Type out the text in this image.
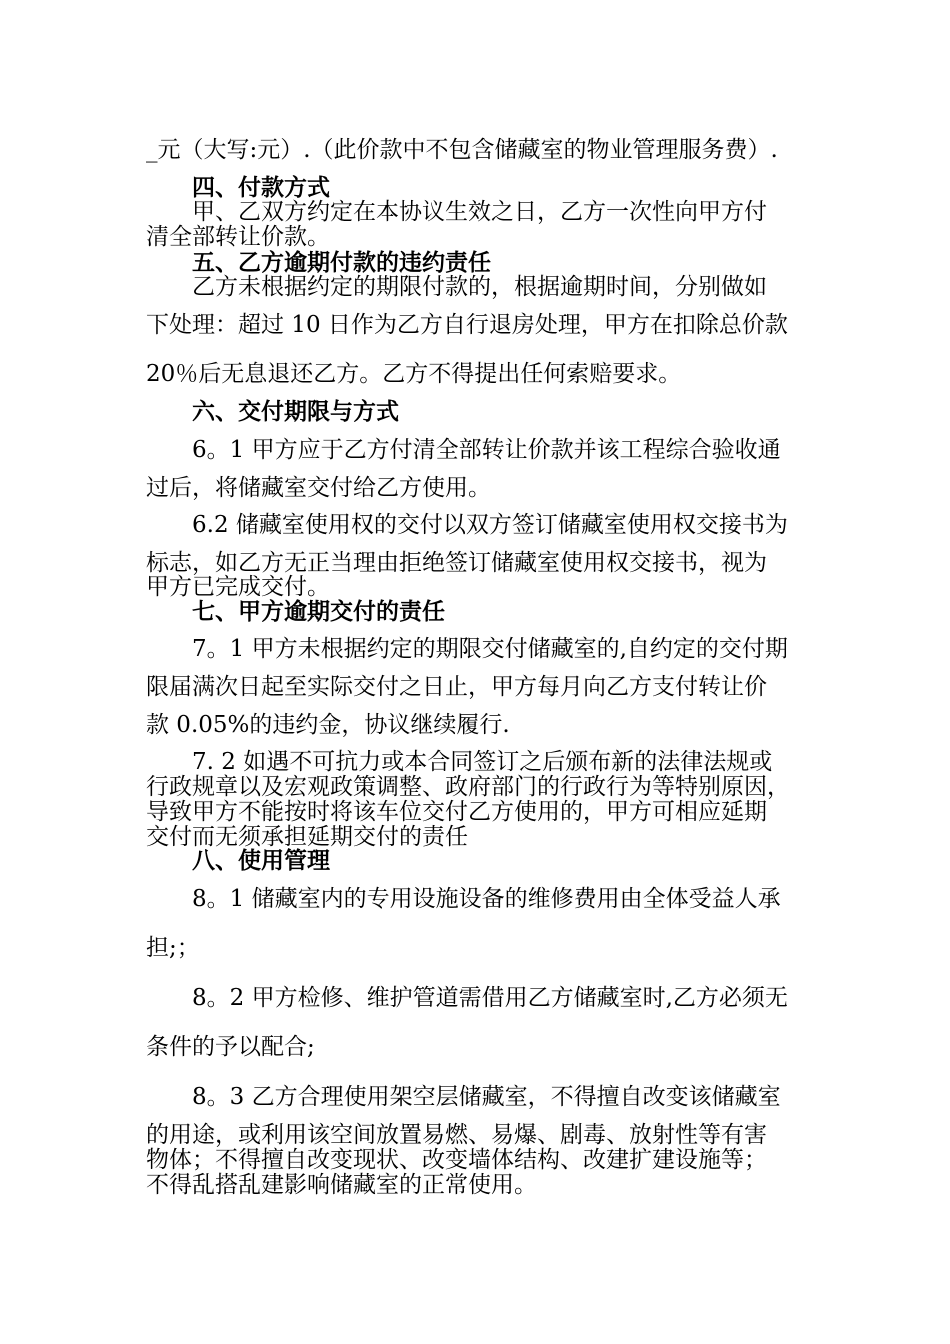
_元（大写:元）.（此价款中不包含储藏室的物业管理服务费）.
四、付款方式
甲、乙双方约定在本协议生效之日，乙方一次性向甲方付
清全部转让价款。
五、乙方逾期付款的违约责任
乙方未根据约定的期限付款的，根据逾期时间，分别做如
下处理：超过 10 日作为乙方自行退房处理，甲方在扣除总价款
20％后无息退还乙方。乙方不得提出任何索赔要求。
六、交付期限与方式
6。1 甲方应于乙方付清全部转让价款并该工程综合验收通
过后，将储藏室交付给乙方使用。
6.2 储藏室使用权的交付以双方签订储藏室使用权交接书为
标志，如乙方无正当理由拒绝签订储藏室使用权交接书，视为
甲方已完成交付。
七、甲方逾期交付的责任
7。1 甲方未根据约定的期限交付储藏室的,自约定的交付期
限届满次日起至实际交付之日止，甲方每月向乙方支付转让价
款 0.05%的违约金，协议继续履行.
7. 2 如遇不可抗力或本合同签订之后颁布新的法律法规或
行政规章以及宏观政策调整、政府部门的行政行为等特别原因，
导致甲方不能按时将该车位交付乙方使用的，甲方可相应延期
交付而无须承担延期交付的责任
八、使用管理
8。1 储藏室内的专用设施设备的维修费用由全体受益人承
担;；
8。2 甲方检修、维护管道需借用乙方储藏室时,乙方必须无
条件的予以配合;
8。3 乙方合理使用架空层储藏室，不得擅自改变该储藏室
的用途，或利用该空间放置易燃、易爆、剧毒、放射性等有害
物体；不得擅自改变现状、改变墙体结构、改建扩建设施等；
不得乱搭乱建影响储藏室的正常使用。
